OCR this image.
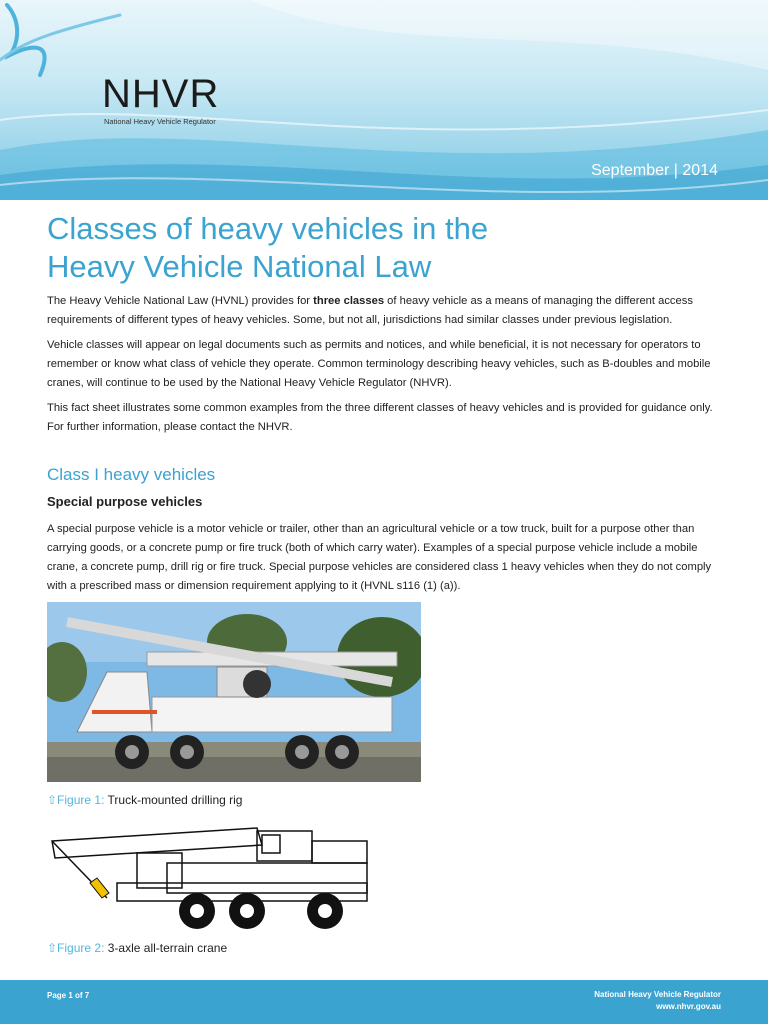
NHVR
National Heavy Vehicle Regulator
September | 2014
Classes of heavy vehicles in the
Heavy Vehicle National Law

The Heavy Vehicle National Law (HVNL) provides for three classes of heavy vehicle as a means of managing the different access requirements of different types of heavy vehicles. Some, but not all, jurisdictions had similar classes under previous legislation.

Vehicle classes will appear on legal documents such as permits and notices, and while beneficial, it is not necessary for operators to remember or know what class of vehicle they operate. Common terminology describing heavy vehicles, such as B-doubles and mobile cranes, will continue to be used by the National Heavy Vehicle Regulator (NHVR).

This fact sheet illustrates some common examples from the three different classes of heavy vehicles and is provided for guidance only. For further information, please contact the NHVR.

Class I heavy vehicles
Special purpose vehicles

A special purpose vehicle is a motor vehicle or trailer, other than an agricultural vehicle or a tow truck, built for a purpose other than carrying goods, or a concrete pump or fire truck (both of which carry water). Examples of a special purpose vehicle include a mobile crane, a concrete pump, drill rig or fire truck. Special purpose vehicles are considered class 1 heavy vehicles when they do not comply with a prescribed mass or dimension requirement applying to it (HVNL s116 (1) (a)).

⇧Figure 1: Truck-mounted drilling rig
⇧Figure 2: 3-axle all-terrain crane
Page 1 of 7	National Heavy Vehicle Regulator
www.nhvr.gov.au
